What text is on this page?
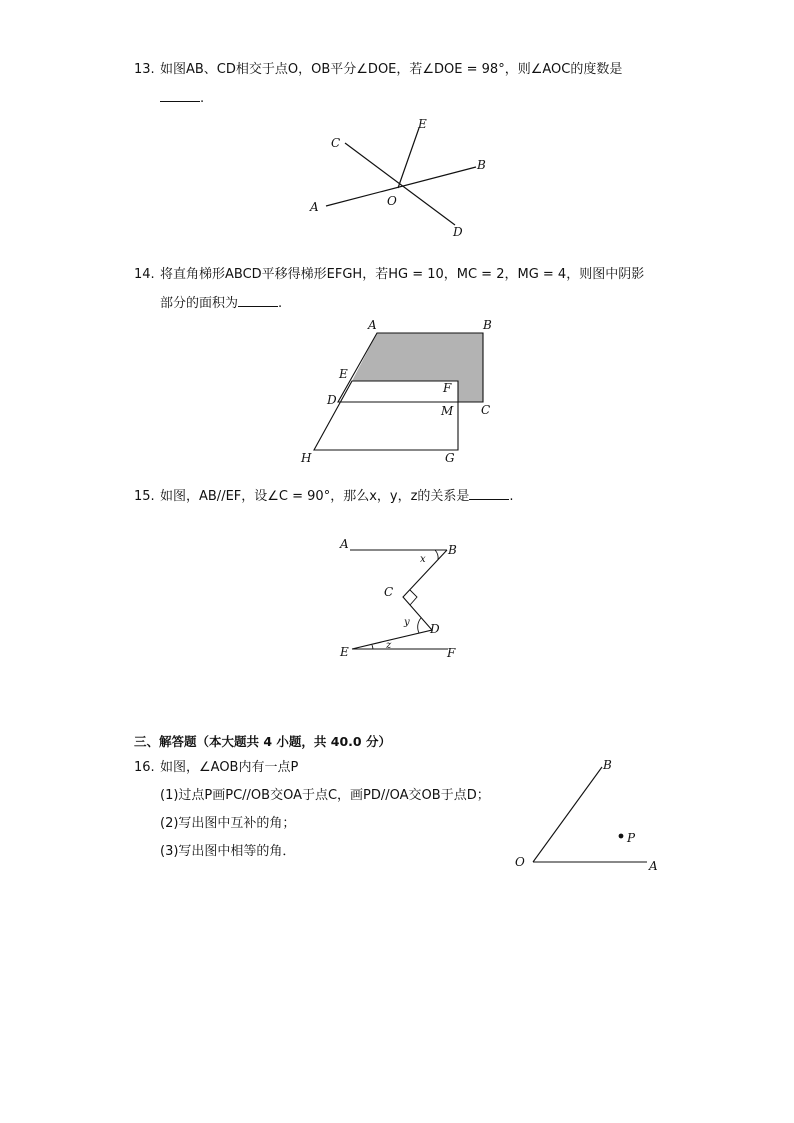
13. 如图AB、CD相交于点O，OB平分∠DOE，若∠DOE = 98°，则∠AOC的度数是
.
A
B
C
D
E
O
14. 将直角梯形ABCD平移得梯形EFGH，若HG = 10，MC = 2，MG = 4，则图中阴影
部分的面积为	.
A	B
C
D
E
F
G
H
M
15. 如图，AB//EF，设∠C = 90°，那么x，y，z的关系是	.
A	B
C
D
E	F
x
y
z
三、解答题（本大题共 4 小题，共 40.0 分）
16. 如图，∠AOB内有一点P
(1)过点P画PC//OB交OA于点C，画PD//OA交OB于点D；
(2)写出图中互补的角；
(3)写出图中相等的角．
O	A
B
P
